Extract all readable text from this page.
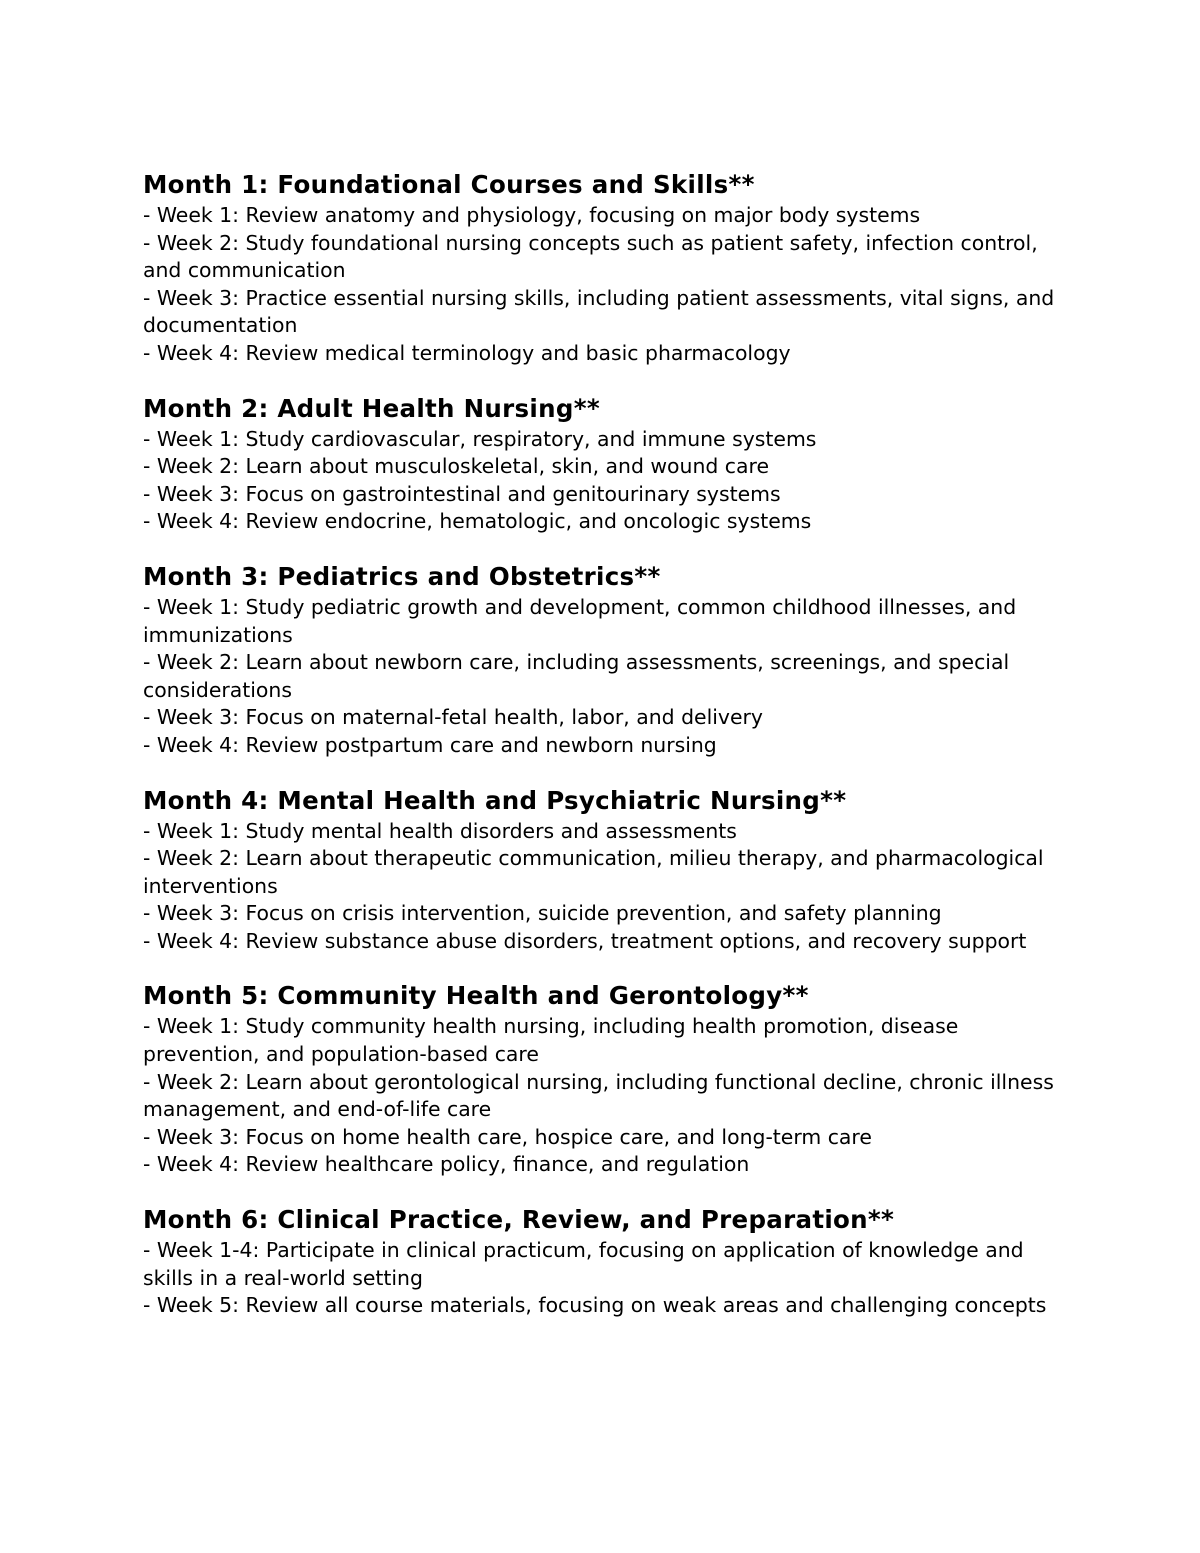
Month 1: Foundational Courses and Skills**
- Week 1: Review anatomy and physiology, focusing on major body systems
- Week 2: Study foundational nursing concepts such as patient safety, infection control, and communication
- Week 3: Practice essential nursing skills, including patient assessments, vital signs, and documentation
- Week 4: Review medical terminology and basic pharmacology
Month 2: Adult Health Nursing**
- Week 1: Study cardiovascular, respiratory, and immune systems
- Week 2: Learn about musculoskeletal, skin, and wound care
- Week 3: Focus on gastrointestinal and genitourinary systems
- Week 4: Review endocrine, hematologic, and oncologic systems
Month 3: Pediatrics and Obstetrics**
- Week 1: Study pediatric growth and development, common childhood illnesses, and immunizations
- Week 2: Learn about newborn care, including assessments, screenings, and special considerations
- Week 3: Focus on maternal-fetal health, labor, and delivery
- Week 4: Review postpartum care and newborn nursing
Month 4: Mental Health and Psychiatric Nursing**
- Week 1: Study mental health disorders and assessments
- Week 2: Learn about therapeutic communication, milieu therapy, and pharmacological interventions
- Week 3: Focus on crisis intervention, suicide prevention, and safety planning
- Week 4: Review substance abuse disorders, treatment options, and recovery support
Month 5: Community Health and Gerontology**
- Week 1: Study community health nursing, including health promotion, disease prevention, and population-based care
- Week 2: Learn about gerontological nursing, including functional decline, chronic illness management, and end-of-life care
- Week 3: Focus on home health care, hospice care, and long-term care
- Week 4: Review healthcare policy, finance, and regulation
Month 6: Clinical Practice, Review, and Preparation**
- Week 1-4: Participate in clinical practicum, focusing on application of knowledge and skills in a real-world setting
- Week 5: Review all course materials, focusing on weak areas and challenging concepts
